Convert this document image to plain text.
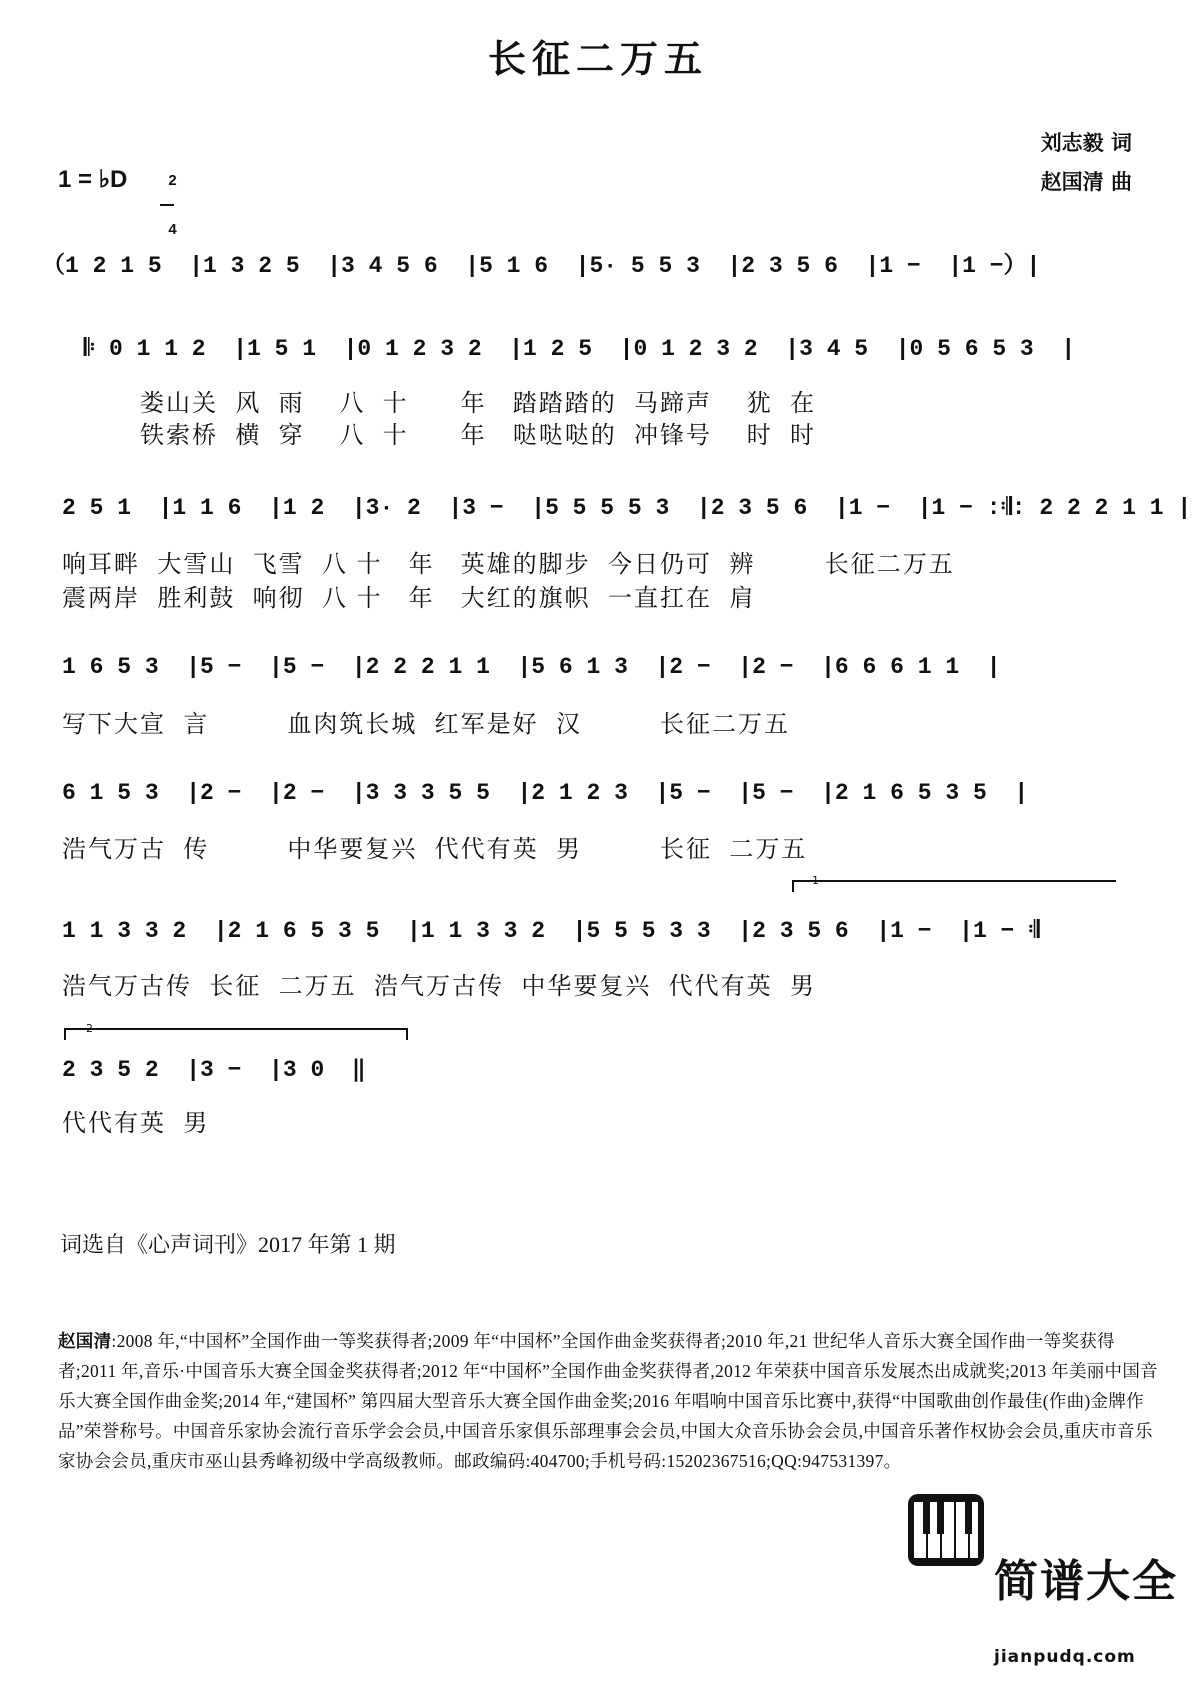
长征二万五
刘志毅 词
赵国清 曲
1 = ♭D	2

4

（1 2 1 5  |1 3 2 5  |3 4 5 6  |5 1 6  |5· 5 5 3  |2 3 5 6  |1 −  |1 −）|
𝄆 0 1 1 2  |1 5 1  |0 1 2 3 2  |1 2 5  |0 1 2 3 2  |3 4 5  |0 5 6 5 3  |
娄山关  风  雨    八  十      年   踏踏踏的  马蹄声    犹  在
铁索桥  横  穿    八  十      年   哒哒哒的  冲锋号    时  时
2 5 1  |1 1 6  |1 2  |3· 2  |3 −  |5 5 5 5 3  |2 3 5 6  |1 −  |1 − :𝄇: 2 2 2 1 1 |
响耳畔  大雪山  飞雪  八 十   年   英雄的脚步  今日仍可  辨        长征二万五
震两岸  胜利鼓  响彻  八 十   年   大红的旗帜  一直扛在  肩
1 6 5 3  |5 −  |5 −  |2 2 2 1 1  |5 6 1 3  |2 −  |2 −  |6 6 6 1 1  |
写下大宣  言         血肉筑长城  红军是好  汉         长征二万五
6 1 5 3  |2 −  |2 −  |3 3 3 5 5  |2 1 2 3  |5 −  |5 −  |2 1 6 5 3 5  |
浩气万古  传         中华要复兴  代代有英  男         长征  二万五
1
1 1 3 3 2  |2 1 6 5 3 5  |1 1 3 3 2  |5 5 5 3 3  |2 3 5 6  |1 −  |1 − 𝄇
浩气万古传  长征  二万五  浩气万古传  中华要复兴  代代有英  男
2
2 3 5 2  |3 −  |3 0  ‖
代代有英  男
词选自《心声词刊》2017 年第 1 期
赵国清:2008 年,“中国杯”全国作曲一等奖获得者;2009 年“中国杯”全国作曲金奖获得者;2010 年,21 世纪华人音乐大赛全国作曲一等奖获得者;2011 年,音乐·中国音乐大赛全国金奖获得者;2012 年“中国杯”全国作曲金奖获得者,2012 年荣获中国音乐发展杰出成就奖;2013 年美丽中国音乐大赛全国作曲金奖;2014 年,“建国杯” 第四届大型音乐大赛全国作曲金奖;2016 年唱响中国音乐比赛中,获得“中国歌曲创作最佳(作曲)金牌作品”荣誉称号。中国音乐家协会流行音乐学会会员,中国音乐家俱乐部理事会会员,中国大众音乐协会会员,中国音乐著作权协会会员,重庆市音乐家协会会员,重庆市巫山县秀峰初级中学高级教师。邮政编码:404700;手机号码:15202367516;QQ:947531397。

简谱大全

jianpudq.com
